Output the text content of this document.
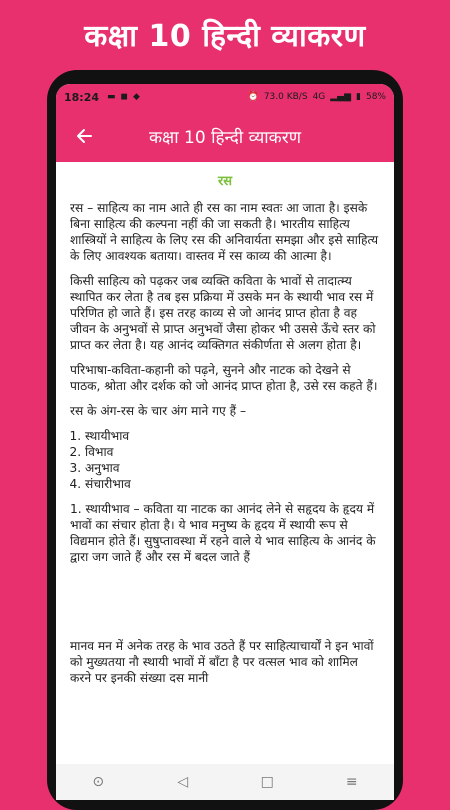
कक्षा 10 हिन्दी व्याकरण
18:24 ▬ ◼ ◆	⏰ 73.0 KB/S 4G ▂▄▆ ▮ 58%
कक्षा 10 हिन्दी व्याकरण
रस

रस – साहित्य का नाम आते ही रस का नाम स्वतः आ जाता है। इसके बिना साहित्य की कल्पना नहीं की जा सकती है। भारतीय साहित्य शास्त्रियों ने साहित्य के लिए रस की अनिवार्यता समझा और इसे साहित्य के लिए आवश्यक बताया। वास्तव में रस काव्य की आत्मा है।

किसी साहित्य को पढ़कर जब व्यक्ति कविता के भावों से तादात्म्य स्थापित कर लेता है तब इस प्रक्रिया में उसके मन के स्थायी भाव रस में परिणित हो जाते हैं। इस तरह काव्य से जो आनंद प्राप्त होता है वह जीवन के अनुभवों से प्राप्त अनुभवों जैसा होकर भी उससे ऊँचे स्तर को प्राप्त कर लेता है। यह आनंद व्यक्तिगत संकीर्णता से अलग होता है।

परिभाषा-कविता-कहानी को पढ़ने, सुनने और नाटक को देखने से पाठक, श्रोता और दर्शक को जो आनंद प्राप्त होता है, उसे रस कहते हैं।

रस के अंग-रस के चार अंग माने गए हैं –

1. स्थायीभाव
2. विभाव
3. अनुभाव
4. संचारीभाव

1. स्थायीभाव – कविता या नाटक का आनंद लेने से सहृदय के हृदय में भावों का संचार होता है। ये भाव मनुष्य के हृदय में स्थायी रूप से विद्यमान होते हैं। सुषुप्तावस्था में रहने वाले ये भाव साहित्य के आनंद के द्वारा जग जाते हैं और रस में बदल जाते हैं

मानव मन में अनेक तरह के भाव उठते हैं पर साहित्याचार्यों ने इन भावों को मुख्यतया नौ स्थायी भावों में बाँटा है पर वत्सल भाव को शामिल करने पर इनकी संख्या दस मानी

⊙	◁	□	≡
